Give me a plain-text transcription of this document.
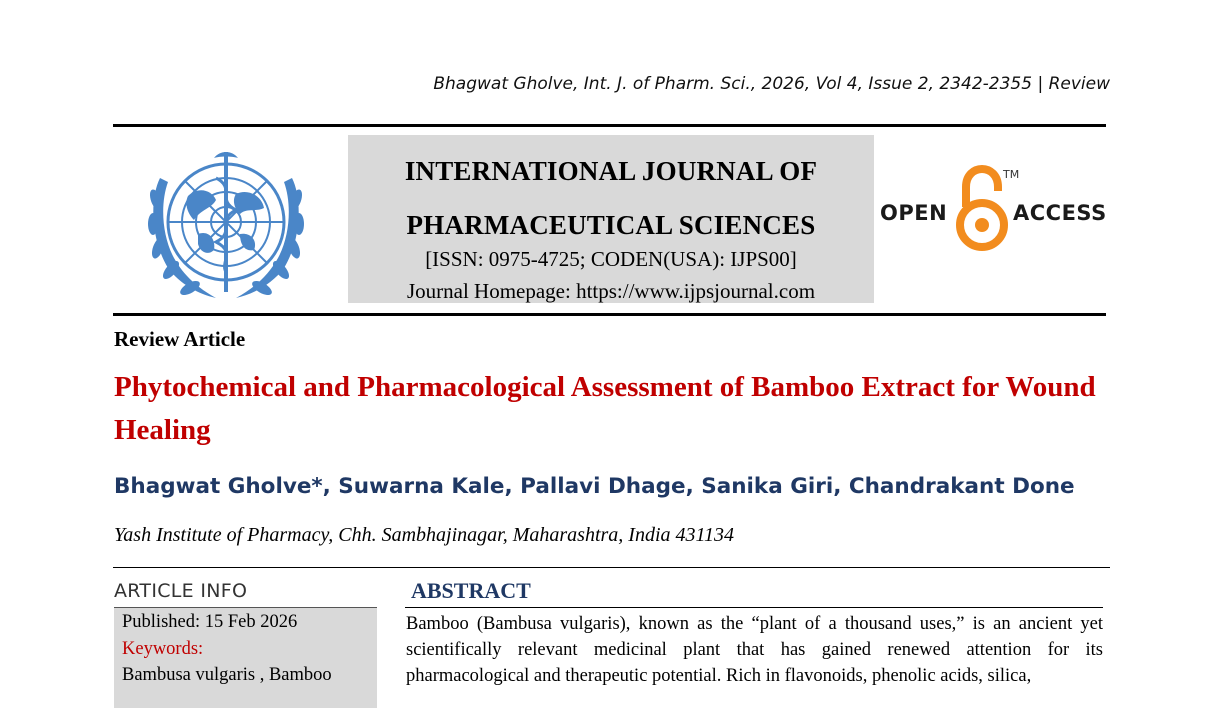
Bhagwat Gholve, Int. J. of Pharm. Sci., 2026, Vol 4, Issue 2, 2342-2355 | Review
INTERNATIONAL JOURNAL OF
PHARMACEUTICAL SCIENCES
[ISSN: 0975-4725; CODEN(USA): IJPS00]
Journal Homepage: https://www.ijpsjournal.com
OPEN
TM
ACCESS
Review Article
Phytochemical and Pharmacological Assessment of Bamboo Extract for Wound Healing
Bhagwat Gholve*, Suwarna Kale, Pallavi Dhage, Sanika Giri, Chandrakant Done
Yash Institute of Pharmacy, Chh. Sambhajinagar, Maharashtra, India 431134
ARTICLE INFO
Published: 15 Feb 2026
Keywords:
Bambusa vulgaris , Bamboo
ABSTRACT
Bamboo (Bambusa vulgaris), known as the “plant of a thousand uses,” is an ancient yet scientifically relevant medicinal plant that has gained renewed attention for its pharmacological and therapeutic potential. Rich in flavonoids, phenolic acids, silica,
